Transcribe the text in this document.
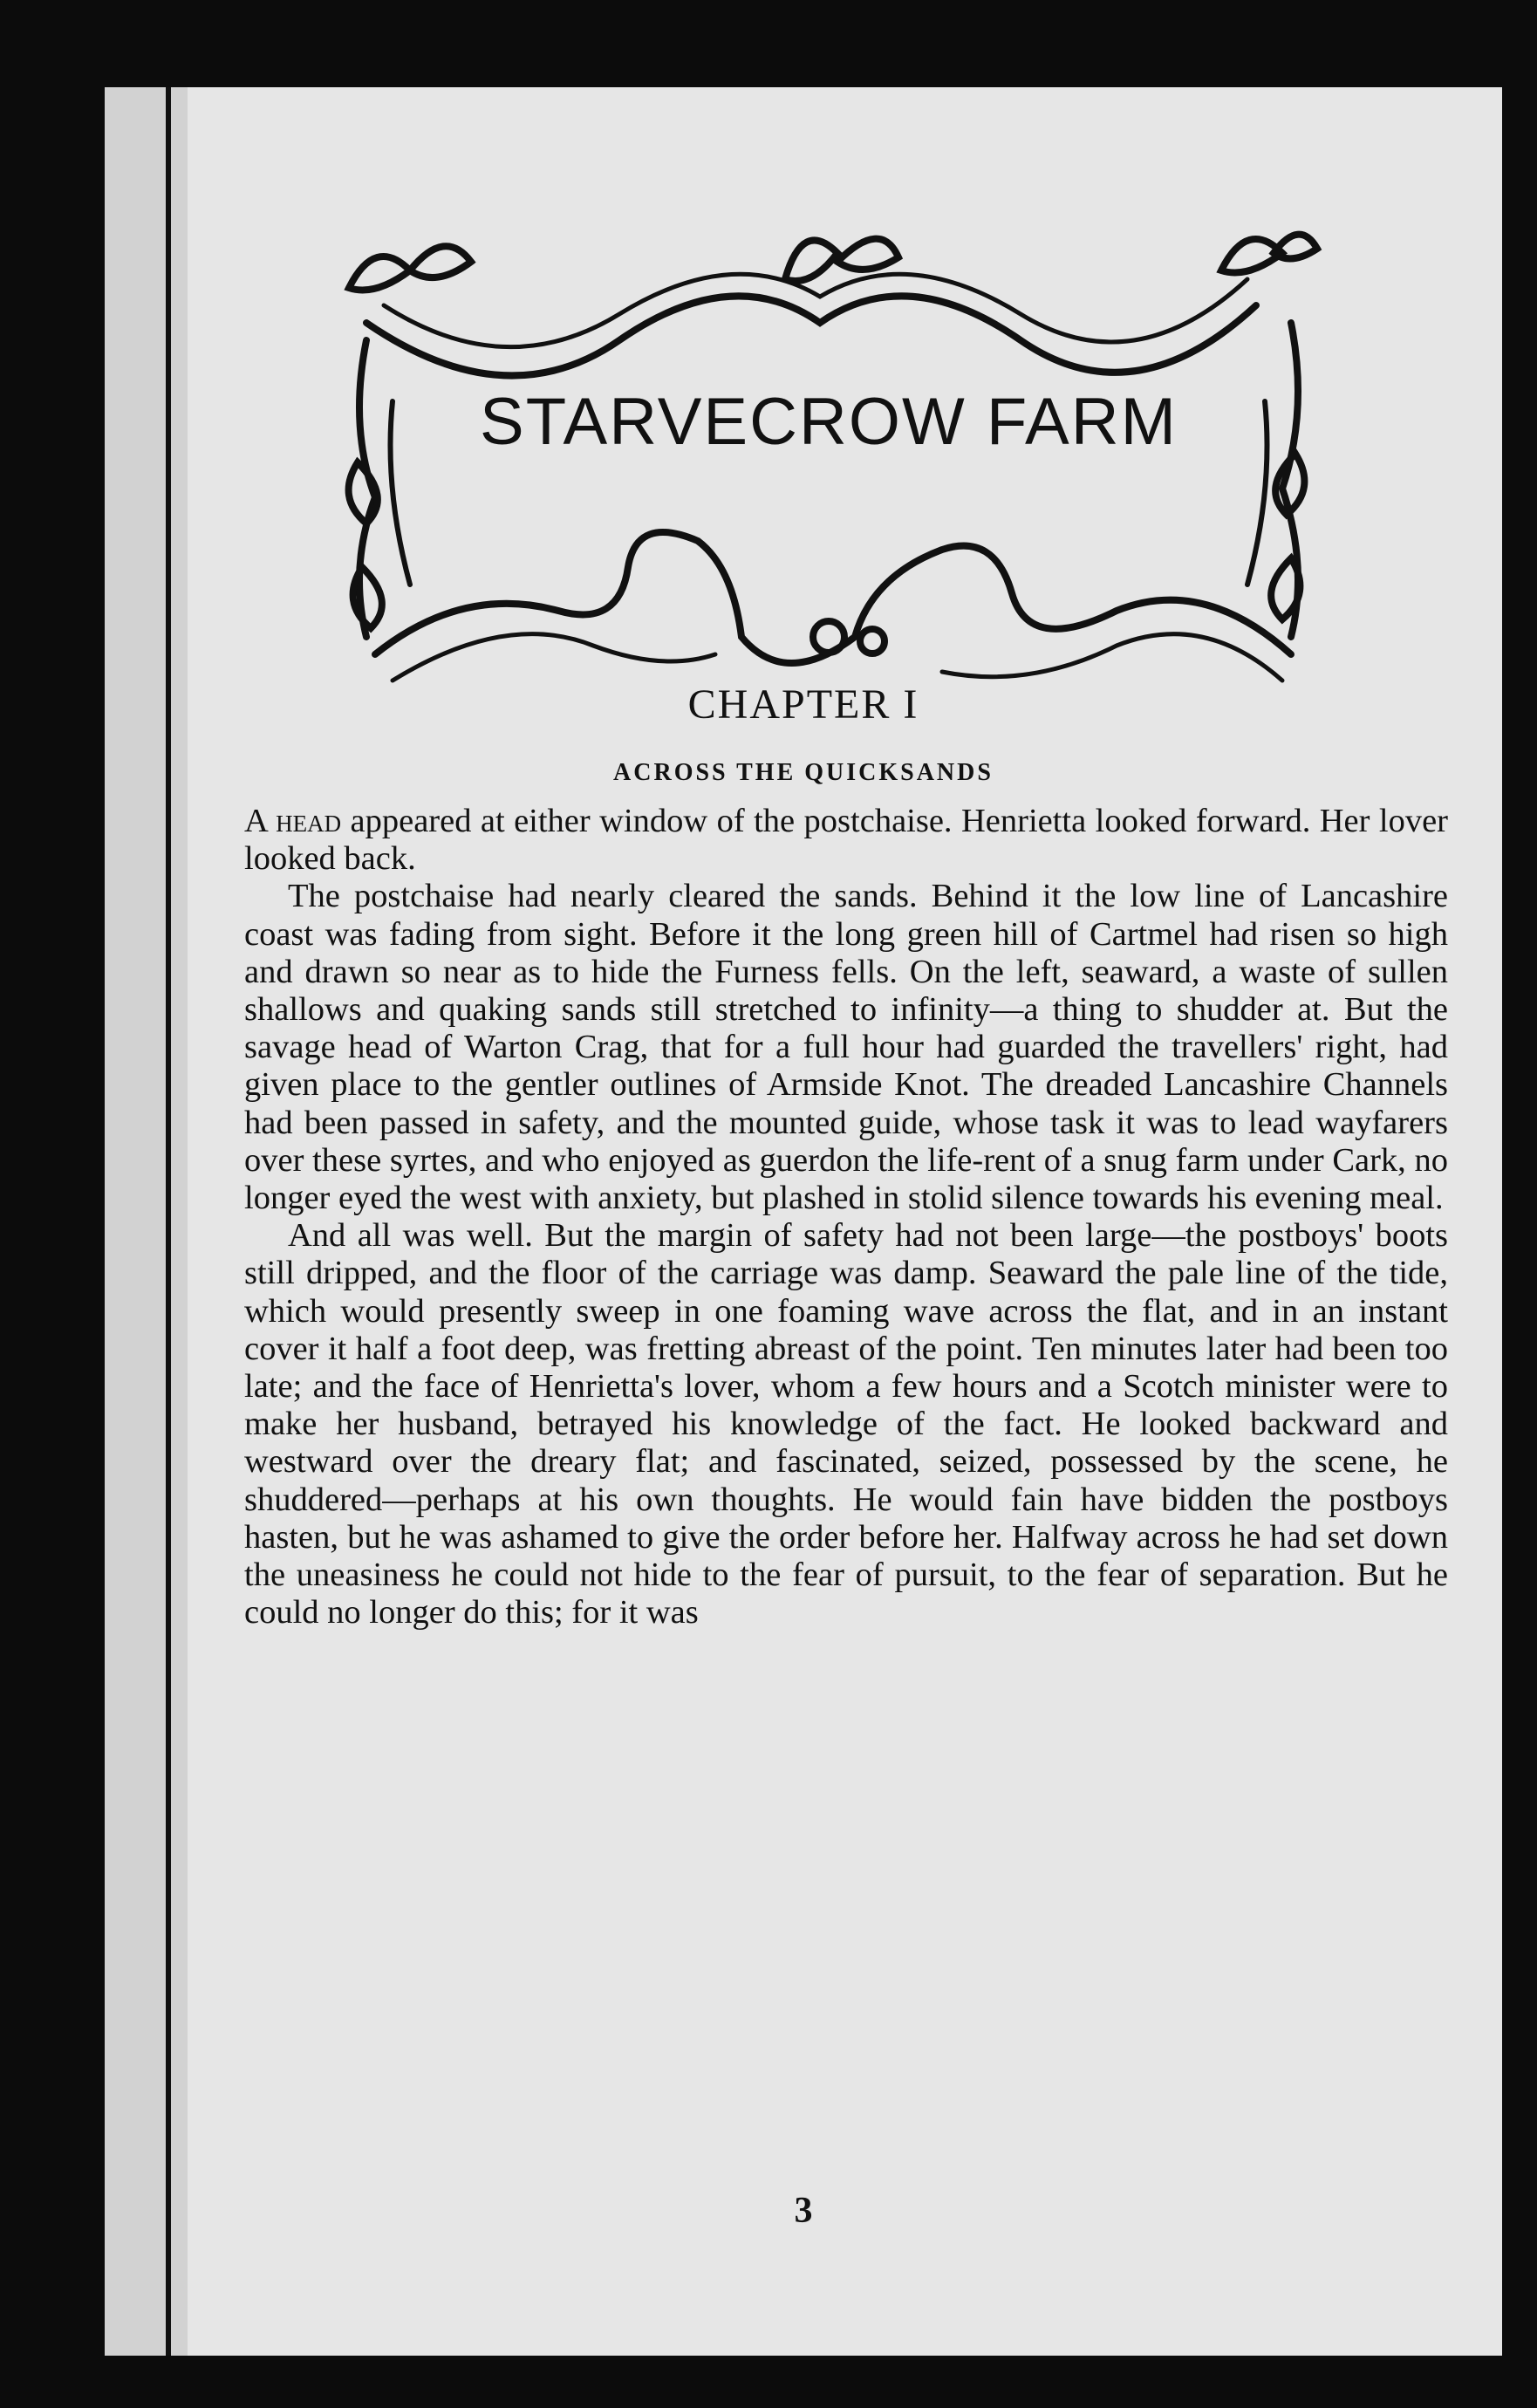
STARVECROW FARM
CHAPTER I
ACROSS THE QUICKSANDS

A head appeared at either window of the postchaise. Henrietta looked forward. Her lover looked back.

The postchaise had nearly cleared the sands. Behind it the low line of Lancashire coast was fading from sight. Before it the long green hill of Cartmel had risen so high and drawn so near as to hide the Furness fells. On the left, seaward, a waste of sullen shallows and quaking sands still stretched to infinity—a thing to shudder at. But the savage head of Warton Crag, that for a full hour had guarded the travellers' right, had given place to the gentler outlines of Armside Knot. The dreaded Lancashire Channels had been passed in safety, and the mounted guide, whose task it was to lead wayfarers over these syrtes, and who enjoyed as guerdon the life-rent of a snug farm under Cark, no longer eyed the west with anxiety, but plashed in stolid silence towards his evening meal.

And all was well. But the margin of safety had not been large—the postboys' boots still dripped, and the floor of the carriage was damp. Seaward the pale line of the tide, which would presently sweep in one foaming wave across the flat, and in an instant cover it half a foot deep, was fretting abreast of the point. Ten minutes later had been too late; and the face of Henrietta's lover, whom a few hours and a Scotch minister were to make her husband, betrayed his knowledge of the fact. He looked backward and westward over the dreary flat; and fascinated, seized, possessed by the scene, he shuddered—perhaps at his own thoughts. He would fain have bidden the postboys hasten, but he was ashamed to give the order before her. Halfway across he had set down the uneasiness he could not hide to the fear of pursuit, to the fear of separation. But he could no longer do this; for it was

3
